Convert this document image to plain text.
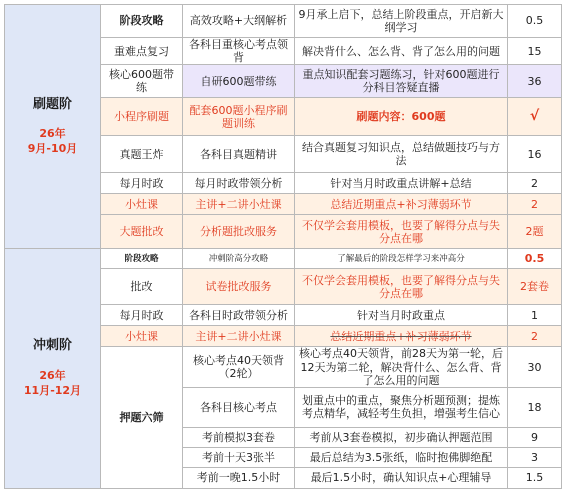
刷题阶
26年
9月-10月	阶段攻略	高效攻略+大纲解析	9月承上启下，总结上阶段重点，开启新大纲学习	0.5
	重难点复习	各科目重核心考点领背	解决背什么、怎么背、背了怎么用的问题	15
	核心600题带练	自研600题带练	重点知识配套习题练习，针对600题进行分科目答疑直播	36
	小程序刷题	配套600题小程序刷题训练	刷题内容：600题	√
	真题王炸	各科目真题精讲	结合真题复习知识点，总结做题技巧与方法	16
	每月时政	每月时政带领分析	针对当月时政重点讲解+总结	2
	小灶课	主讲+二讲小灶课	总结近期重点+补习薄弱环节	2
	大题批改	分析题批改服务	不仅学会套用模板，也要了解得分点与失分点在哪	2题

冲刺阶
26年
11月-12月	阶段攻略	冲刺阶高分攻略	了解最后的阶段怎样学习来冲高分	0.5
	批改	试卷批改服务	不仅学会套用模板，也要了解得分点与失分点在哪	2套卷
	每月时政	各科目时政带领分析	针对当月时政重点	1
	小灶课	主讲+二讲小灶课	总结近期重点+补习薄弱环节	2
	押题六筛	核心考点40天领背（2轮）	核心考点40天领背，前28天为第一轮，后12天为第二轮，解决背什么、怎么背、背了怎么用的问题	30
		各科目核心考点	划重点中的重点，聚焦分析题预测；提炼考点精华，减轻考生负担，增强考生信心	18
		考前模拟3套卷	考前从3套卷模拟，初步确认押题范围	9
		考前十天3张半	最后总结为3.5张纸，临时抱佛脚绝配	3
		考前一晚1.5小时	最后1.5小时，确认知识点+心理辅导	1.5
